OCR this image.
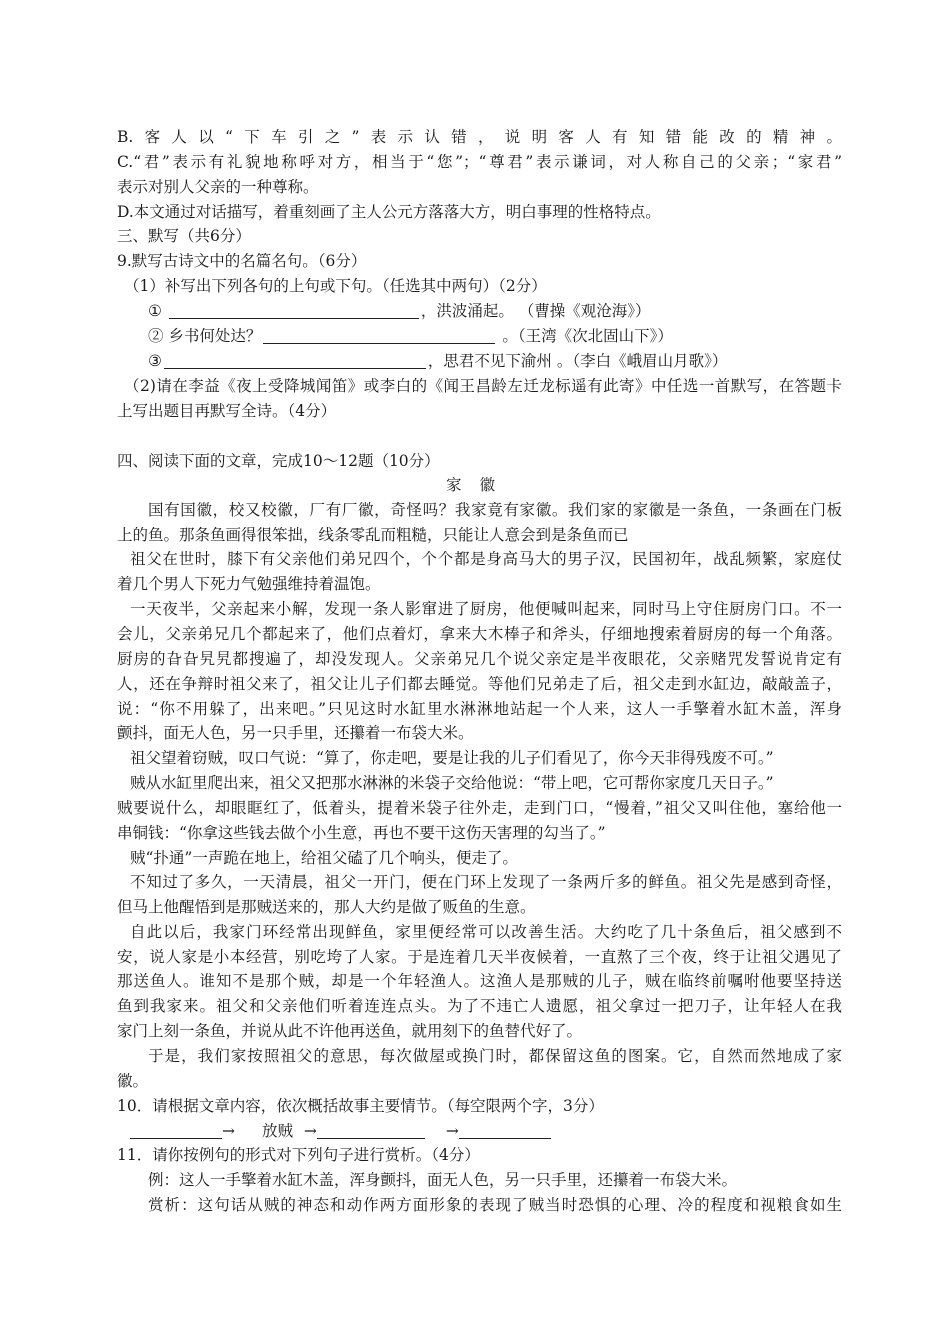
B.客人以“下车引之”表示认错，说明客人有知错能改的精神。
C.“君”表示有礼貌地称呼对方，相当于“您”；“尊君”表示谦词，对人称自己的父亲；“家君”
表示对别人父亲的一种尊称。
D.本文通过对话描写，着重刻画了主人公元方落落大方，明白事理的性格特点。
三、默写（共6分）
9.默写古诗文中的名篇名句。（6分）
（1）补写出下列各句的上句或下句。（任选其中两句）（2分）
①	，洪波涌起。 （曹操《观沧海》）
② 乡书何处达？	。（王湾《次北固山下》）
③	，思君不见下渝州 。（李白《峨眉山月歌》）
（2)请在李益《夜上受降城闻笛》或李白的《闻王昌龄左迁龙标遥有此寄》中任选一首默写，在答题卡
上写出题目再默写全诗。（4分）
四、阅读下面的文章，完成10～12题（10分）
家徽
国有国徽，校又校徽，厂有厂徽，奇怪吗？我家竟有家徽。我们家的家徽是一条鱼，一条画在门板
上的鱼。那条鱼画得很笨拙，线条零乱而粗糙，只能让人意会到是条鱼而已
祖父在世时，膝下有父亲他们弟兄四个，个个都是身高马大的男子汉，民国初年，战乱频繁，家庭仗
着几个男人下死力气勉强维持着温饱。
一天夜半，父亲起来小解，发现一条人影窜进了厨房，他便喊叫起来，同时马上守住厨房门口。不一
会儿，父亲弟兄几个都起来了，他们点着灯，拿来大木棒子和斧头，仔细地搜索着厨房的每一个角落。
厨房的旮旮旯旯都搜遍了，却没发现人。父亲弟兄几个说父亲定是半夜眼花，父亲赌咒发誓说肯定有
人，还在争辩时祖父来了，祖父让儿子们都去睡觉。等他们兄弟走了后，祖父走到水缸边，敲敲盖子，
说：“你不用躲了，出来吧。”只见这时水缸里水淋淋地站起一个人来，这人一手擎着水缸木盖，浑身
颤抖，面无人色，另一只手里，还攥着一布袋大米。
祖父望着窃贼，叹口气说：“算了，你走吧，要是让我的儿子们看见了，你今天非得残废不可。”
贼从水缸里爬出来，祖父又把那水淋淋的米袋子交给他说：“带上吧，它可帮你家度几天日子。”
贼要说什么，却眼眶红了，低着头，提着米袋子往外走，走到门口，“慢着，”祖父又叫住他，塞给他一
串铜钱：“你拿这些钱去做个小生意，再也不要干这伤天害理的勾当了。”
贼“扑通”一声跪在地上，给祖父磕了几个响头，便走了。
不知过了多久，一天清晨，祖父一开门，便在门环上发现了一条两斤多的鲜鱼。祖父先是感到奇怪，
但马上他醒悟到是那贼送来的，那人大约是做了贩鱼的生意。
自此以后，我家门环经常出现鲜鱼，家里便经常可以改善生活。大约吃了几十条鱼后，祖父感到不
安，说人家是小本经营，别吃垮了人家。于是连着几天半夜候着，一直熬了三个夜，终于让祖父遇见了
那送鱼人。谁知不是那个贼，却是一个年轻渔人。这渔人是那贼的儿子，贼在临终前嘱咐他要坚持送
鱼到我家来。祖父和父亲他们听着连连点头。为了不违亡人遗愿，祖父拿过一把刀子，让年轻人在我
家门上刻一条鱼，并说从此不许他再送鱼，就用刻下的鱼替代好了。
于是，我们家按照祖父的意思，每次做屋或换门时，都保留这鱼的图案。它，自然而然地成了家
徽。
10．请根据文章内容，依次概括故事主要情节。（每空限两个字，3分）
→ 放贼 →	→
11．请你按例句的形式对下列句子进行赏析。（4分）
例：这人一手擎着水缸木盖，浑身颤抖，面无人色，另一只手里，还攥着一布袋大米。
赏析：这句话从贼的神态和动作两方面形象的表现了贼当时恐惧的心理、冷的程度和视粮食如生
